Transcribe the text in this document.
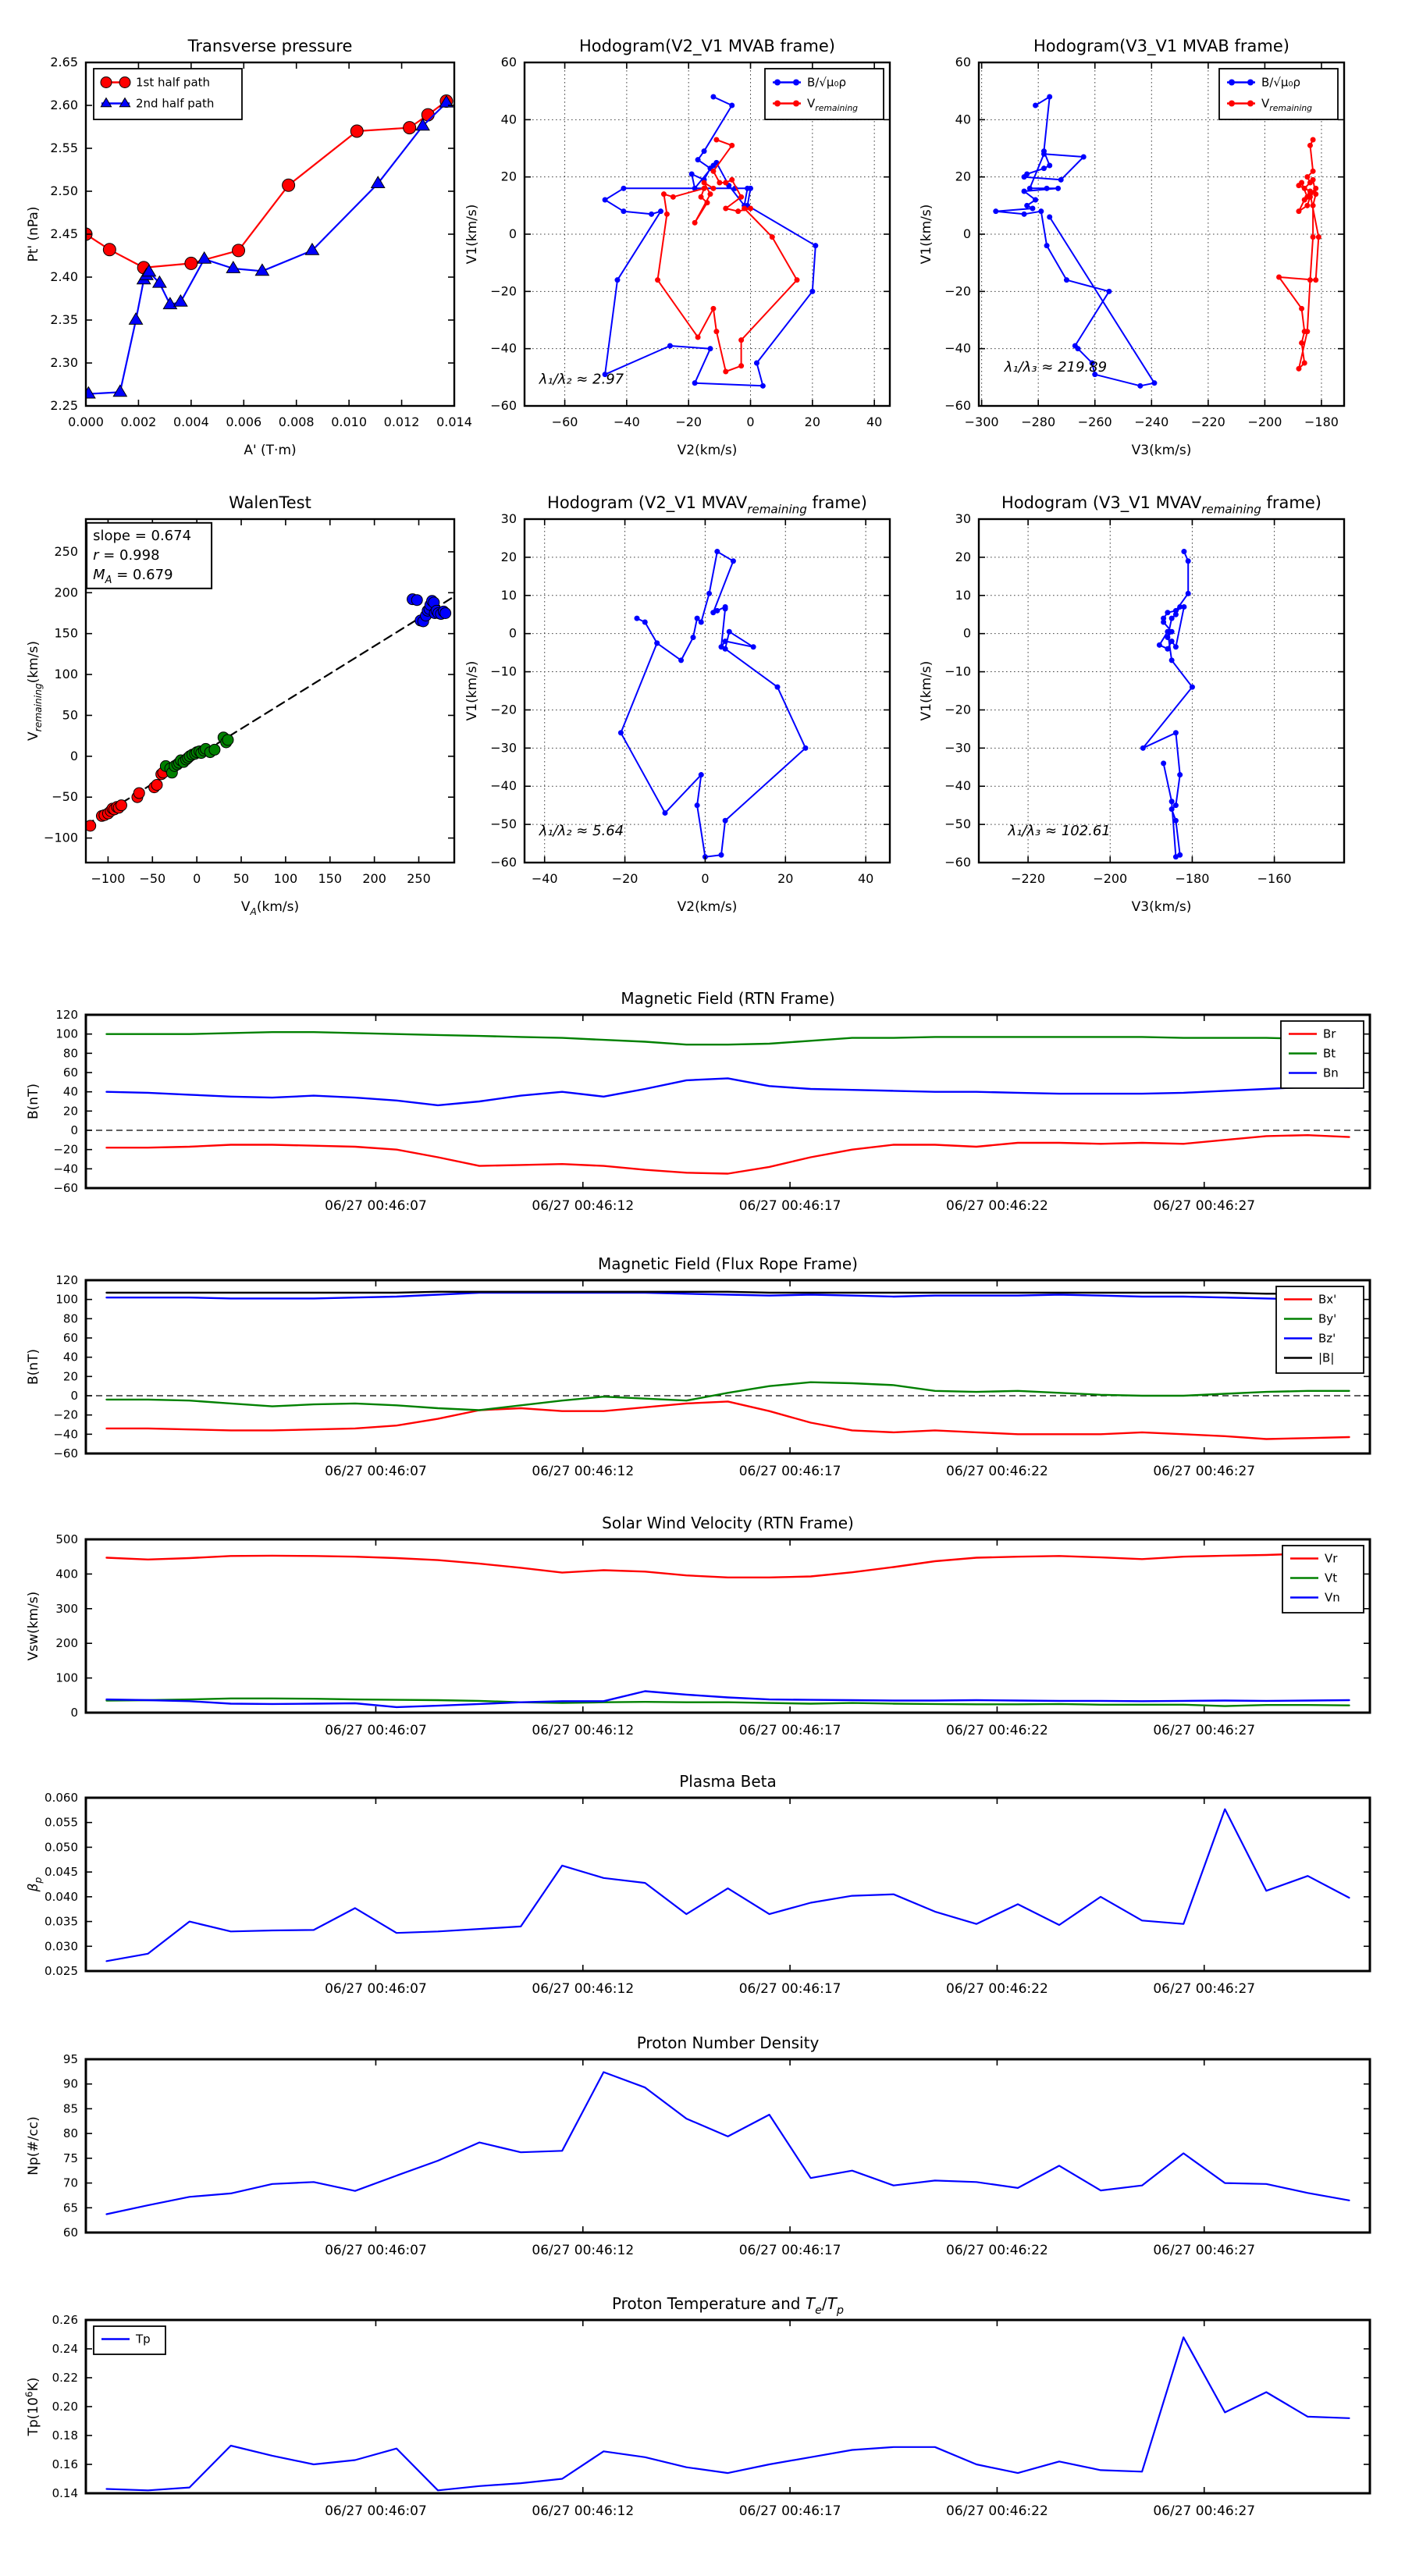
0.000 0.002 0.004 0.006 0.008 0.010 0.012 0.014
2.25
2.30
2.35
2.40
2.45
2.50
2.55
2.60
2.65
Transverse pressure
A' (T·m)
Pt' (nPa)
1st half path
2nd half path
−60	−40	−20	0	20	40
−60
−40
−20
0
20
40
60
Hodogram(V2_V1 MVAB frame)
V2(km/s)
V1(km/s)
B/√μ₀ρ
$V_{remaining}$
λ₁/λ₂ ≈ 2.97
−300 −280 −260 −240 −220 −200 −180
−60
−40
−20
0
20
40
60
Hodogram(V3_V1 MVAB frame)
V3(km/s)
V1(km/s)
B/√μ₀ρ
$V_{remaining}$
λ₁/λ₃ ≈ 219.89
−100 −50 0	50 100 150 200 250
−100
−50
0
50
100
150
200
250
WalenTest
$V_A(km/s)$
$V_{remaining}(km/s)$
slope = 0.674
r = 0.998
$M_A = 0.679$
−40	−20	0	20	40
−60
−50
−40
−30
−20
−10
0
10
20
30
Hodogram (V2_V1 $MVAV_{remaining}$ frame)
V2(km/s)
V1(km/s)
λ₁/λ₂ ≈ 5.64
−220	−200	−180	−160
−60
−50
−40
−30
−20
−10
0
10
20
30
Hodogram (V3_V1 $MVAV_{remaining}$ frame)
V3(km/s)
V1(km/s)
λ₁/λ₃ ≈ 102.61
06/27 00:46:07	06/27 00:46:12	06/27 00:46:17	06/27 00:46:22	06/27 00:46:27
−60
−40
−20
0
20
40
60
80
100
120
Magnetic Field (RTN Frame)
B(nT)
Br
Bt
Bn
06/27 00:46:07	06/27 00:46:12	06/27 00:46:17	06/27 00:46:22	06/27 00:46:27
−60
−40
−20
0
20
40
60
80
100
120
Magnetic Field (Flux Rope Frame)
B(nT)
Bx'
By'
Bz'
|B|
06/27 00:46:07	06/27 00:46:12	06/27 00:46:17	06/27 00:46:22	06/27 00:46:27
0
100
200
300
400
500
Solar Wind Velocity (RTN Frame)
Vsw(km/s)
Vr
Vt
Vn
06/27 00:46:07	06/27 00:46:12	06/27 00:46:17	06/27 00:46:22	06/27 00:46:27
0.025
0.030
0.035
0.040
0.045
0.050
0.055
0.060
Plasma Beta
$\beta_p$
06/27 00:46:07	06/27 00:46:12	06/27 00:46:17	06/27 00:46:22	06/27 00:46:27
60
65
70
75
80
85
90
95
Proton Number Density
Np(#/cc)
06/27 00:46:07	06/27 00:46:12	06/27 00:46:17	06/27 00:46:22	06/27 00:46:27
0.14
0.16
0.18
0.20
0.22
0.24
0.26
Proton Temperature and $T_e/T_p$
$Tp(10^6K)$
Tp
